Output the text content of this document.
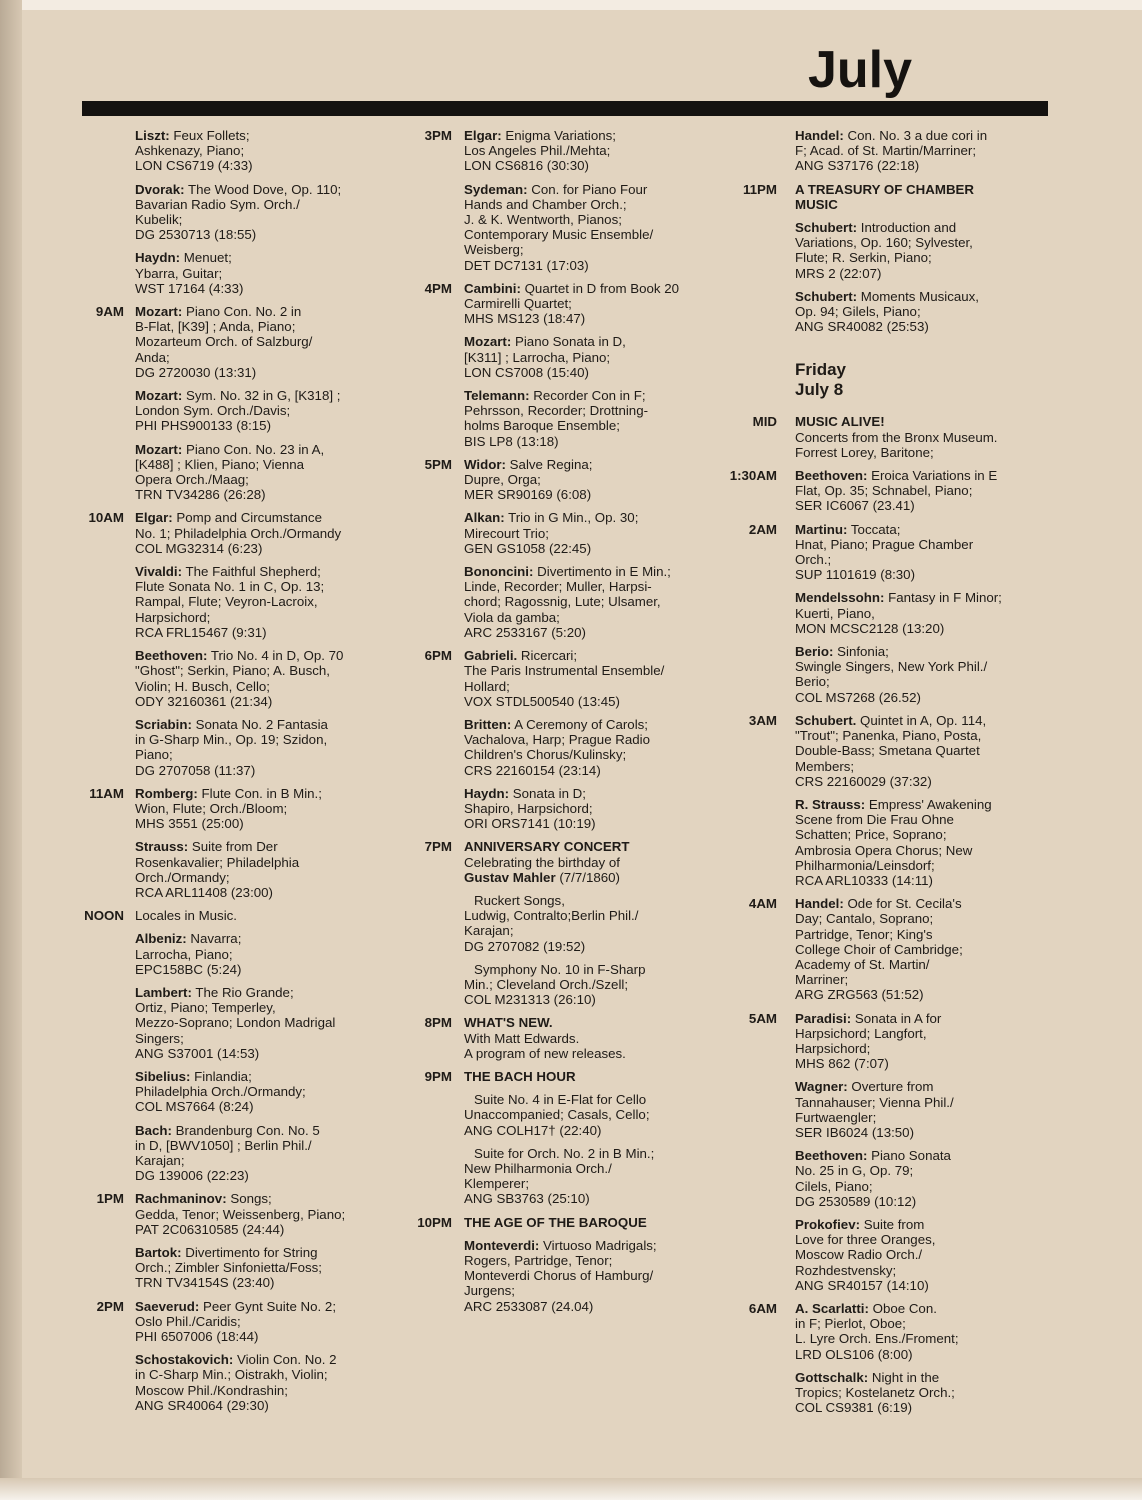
July
Liszt: Feux Follets;
Ashkenazy, Piano;
LON CS6719 (4:33)
Dvorak: The Wood Dove, Op. 110;
Bavarian Radio Sym. Orch./
Kubelik;
DG 2530713 (18:55)
Haydn: Menuet;
Ybarra, Guitar;
WST 17164 (4:33)
9AM Mozart: Piano Con. No. 2 in
B-Flat, [K39] ; Anda, Piano;
Mozarteum Orch. of Salzburg/
Anda;
DG 2720030 (13:31)
Mozart: Sym. No. 32 in G, [K318] ;
London Sym. Orch./Davis;
PHI PHS900133 (8:15)
Mozart: Piano Con. No. 23 in A,
[K488] ; Klien, Piano; Vienna
Opera Orch./Maag;
TRN TV34286 (26:28)
10AM Elgar: Pomp and Circumstance
No. 1; Philadelphia Orch./Ormandy
COL MG32314 (6:23)
Vivaldi: The Faithful Shepherd;
Flute Sonata No. 1 in C, Op. 13;
Rampal, Flute; Veyron-Lacroix,
Harpsichord;
RCA FRL15467 (9:31)
Beethoven: Trio No. 4 in D, Op. 70
"Ghost"; Serkin, Piano; A. Busch,
Violin; H. Busch, Cello;
ODY 32160361 (21:34)
Scriabin: Sonata No. 2 Fantasia
in G-Sharp Min., Op. 19; Szidon,
Piano;
DG 2707058 (11:37)
11AM Romberg: Flute Con. in B Min.;
Wion, Flute; Orch./Bloom;
MHS 3551 (25:00)
Strauss: Suite from Der
Rosenkavalier; Philadelphia
Orch./Ormandy;
RCA ARL11408 (23:00)
NOON Locales in Music.
Albeniz: Navarra;
Larrocha, Piano;
EPC158BC (5:24)
Lambert: The Rio Grande;
Ortiz, Piano; Temperley,
Mezzo-Soprano; London Madrigal
Singers;
ANG S37001 (14:53)
Sibelius: Finlandia;
Philadelphia Orch./Ormandy;
COL MS7664 (8:24)
Bach: Brandenburg Con. No. 5
in D, [BWV1050] ; Berlin Phil./
Karajan;
DG 139006 (22:23)
1PM Rachmaninov: Songs;
Gedda, Tenor; Weissenberg, Piano;
PAT 2C06310585 (24:44)
Bartok: Divertimento for String
Orch.; Zimbler Sinfonietta/Foss;
TRN TV34154S (23:40)
2PM Saeverud: Peer Gynt Suite No. 2;
Oslo Phil./Caridis;
PHI 6507006 (18:44)
Schostakovich: Violin Con. No. 2
in C-Sharp Min.; Oistrakh, Violin;
Moscow Phil./Kondrashin;
ANG SR40064 (29:30)
3PM Elgar: Enigma Variations;
Los Angeles Phil./Mehta;
LON CS6816 (30:30)
Sydeman: Con. for Piano Four
Hands and Chamber Orch.;
J. & K. Wentworth, Pianos;
Contemporary Music Ensemble/
Weisberg;
DET DC7131 (17:03)
4PM Cambini: Quartet in D from Book 20
Carmirelli Quartet;
MHS MS123 (18:47)
Mozart: Piano Sonata in D,
[K311] ; Larrocha, Piano;
LON CS7008 (15:40)
Telemann: Recorder Con in F;
Pehrsson, Recorder; Drottning-
holms Baroque Ensemble;
BIS LP8 (13:18)
5PM Widor: Salve Regina;
Dupre, Orga;
MER SR90169 (6:08)
Alkan: Trio in G Min., Op. 30;
Mirecourt Trio;
GEN GS1058 (22:45)
Bononcini: Divertimento in E Min.;
Linde, Recorder; Muller, Harpsi-
chord; Ragossnig, Lute; Ulsamer,
Viola da gamba;
ARC 2533167 (5:20)
6PM Gabrieli. Ricercari;
The Paris Instrumental Ensemble/
Hollard;
VOX STDL500540 (13:45)
Britten: A Ceremony of Carols;
Vachalova, Harp; Prague Radio
Children's Chorus/Kulinsky;
CRS 22160154 (23:14)
Haydn: Sonata in D;
Shapiro, Harpsichord;
ORI ORS7141 (10:19)
7PM ANNIVERSARY CONCERT
Celebrating the birthday of
Gustav Mahler (7/7/1860)
Ruckert Songs,
Ludwig, Contralto;Berlin Phil./
Karajan;
DG 2707082 (19:52)
Symphony No. 10 in F-Sharp
Min.; Cleveland Orch./Szell;
COL M231313 (26:10)
8PM WHAT'S NEW.
With Matt Edwards.
A program of new releases.
9PM THE BACH HOUR
Suite No. 4 in E-Flat for Cello
Unaccompanied; Casals, Cello;
ANG COLH17† (22:40)
Suite for Orch. No. 2 in B Min.;
New Philharmonia Orch./
Klemperer;
ANG SB3763 (25:10)
10PM THE AGE OF THE BAROQUE
Monteverdi: Virtuoso Madrigals;
Rogers, Partridge, Tenor;
Monteverdi Chorus of Hamburg/
Jurgens;
ARC 2533087 (24.04)
Handel: Con. No. 3 a due cori in
F; Acad. of St. Martin/Marriner;
ANG S37176 (22:18)
11PM A TREASURY OF CHAMBER
MUSIC
Schubert: Introduction and
Variations, Op. 160; Sylvester,
Flute; R. Serkin, Piano;
MRS 2 (22:07)
Schubert: Moments Musicaux,
Op. 94; Gilels, Piano;
ANG SR40082 (25:53)
Friday
July 8
MID MUSIC ALIVE!
Concerts from the Bronx Museum.
Forrest Lorey, Baritone;
1:30AM Beethoven: Eroica Variations in E
Flat, Op. 35; Schnabel, Piano;
SER IC6067 (23.41)
2AM Martinu: Toccata;
Hnat, Piano; Prague Chamber
Orch.;
SUP 1101619 (8:30)
Mendelssohn: Fantasy in F Minor;
Kuerti, Piano,
MON MCSC2128 (13:20)
Berio: Sinfonia;
Swingle Singers, New York Phil./
Berio;
COL MS7268 (26.52)
3AM Schubert. Quintet in A, Op. 114,
"Trout"; Panenka, Piano, Posta,
Double-Bass; Smetana Quartet
Members;
CRS 22160029 (37:32)
R. Strauss: Empress' Awakening
Scene from Die Frau Ohne
Schatten; Price, Soprano;
Ambrosia Opera Chorus; New
Philharmonia/Leinsdorf;
RCA ARL10333 (14:11)
4AM Handel: Ode for St. Cecila's
Day; Cantalo, Soprano;
Partridge, Tenor; King's
College Choir of Cambridge;
Academy of St. Martin/
Marriner;
ARG ZRG563 (51:52)
5AM Paradisi: Sonata in A for
Harpsichord; Langfort,
Harpsichord;
MHS 862 (7:07)
Wagner: Overture from
Tannahauser; Vienna Phil./
Furtwaengler;
SER IB6024 (13:50)
Beethoven: Piano Sonata
No. 25 in G, Op. 79;
Cilels, Piano;
DG 2530589 (10:12)
Prokofiev: Suite from
Love for three Oranges,
Moscow Radio Orch./
Rozhdestvensky;
ANG SR40157 (14:10)
6AM A. Scarlatti: Oboe Con.
in F; Pierlot, Oboe;
L. Lyre Orch. Ens./Froment;
LRD OLS106 (8:00)
Gottschalk: Night in the
Tropics; Kostelanetz Orch.;
COL CS9381 (6:19)
